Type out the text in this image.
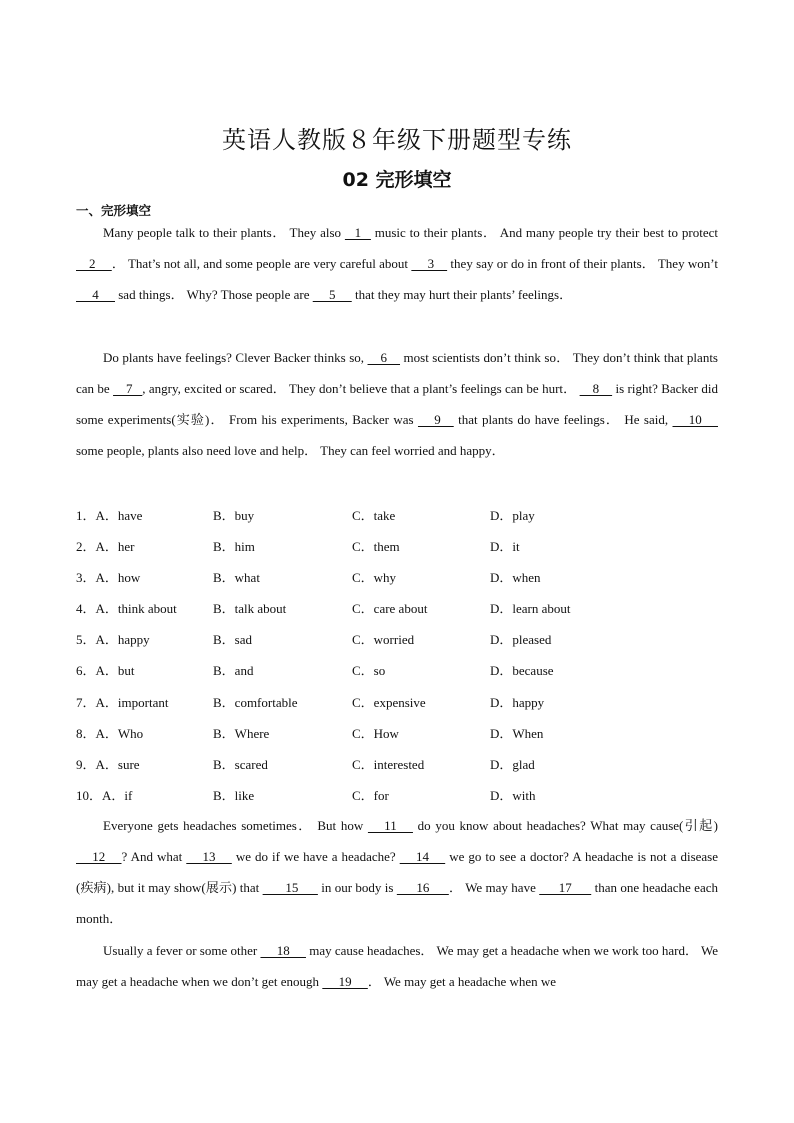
英语人教版８年级下册题型专练
02 完形填空
一、完形填空
Many people talk to their plants． They also    1    music to their plants． And many people try their best to protect     2     ． That’s not all, and some people are very careful about      3     they say or do in front of their plants． They won’t      4      sad things． Why? Those people are      5      that they may hurt their plants’ feelings．
Do plants have feelings? Clever Backer thinks so,     6     most scientists don’t think so． They don’t think that plants can be     7   , angry, excited or scared． They don’t believe that a plant’s feelings can be hurt．     8     is right? Backer did some experiments(实验)． From his experiments, Backer was      9     that plants do have feelings． He said,      10      some people, plants also need love and help． They can feel worried and happy．
1．A．have	B．buy	C．take	D．play
2．A．her	B．him	C．them	D．it
3．A．how	B．what	C．why	D．when
4．A．think about	B．talk about	C．care about	D．learn about
5．A．happy	B．sad	C．worried	D．pleased
6．A．but	B．and	C．so	D．because
7．A．important	B．comfortable	C．expensive	D．happy
8．A．Who	B．Where	C．How	D．When
9．A．sure	B．scared	C．interested	D．glad
10．A．if	B．like	C．for	D．with
Everyone gets headaches sometimes． But how      11      do you know about headaches? What may cause(引起)      12     ? And what      13      we do if we have a headache?      14      we go to see a doctor? A headache is not a disease (疾病), but it may show(展示) that        15       in our body is       16      ． We may have       17       than one headache each month．
Usually a fever or some other      18      may cause headaches． We may get a headache when we work too hard． We may get a headache when we don’t get enough      19     ． We may get a headache when we
